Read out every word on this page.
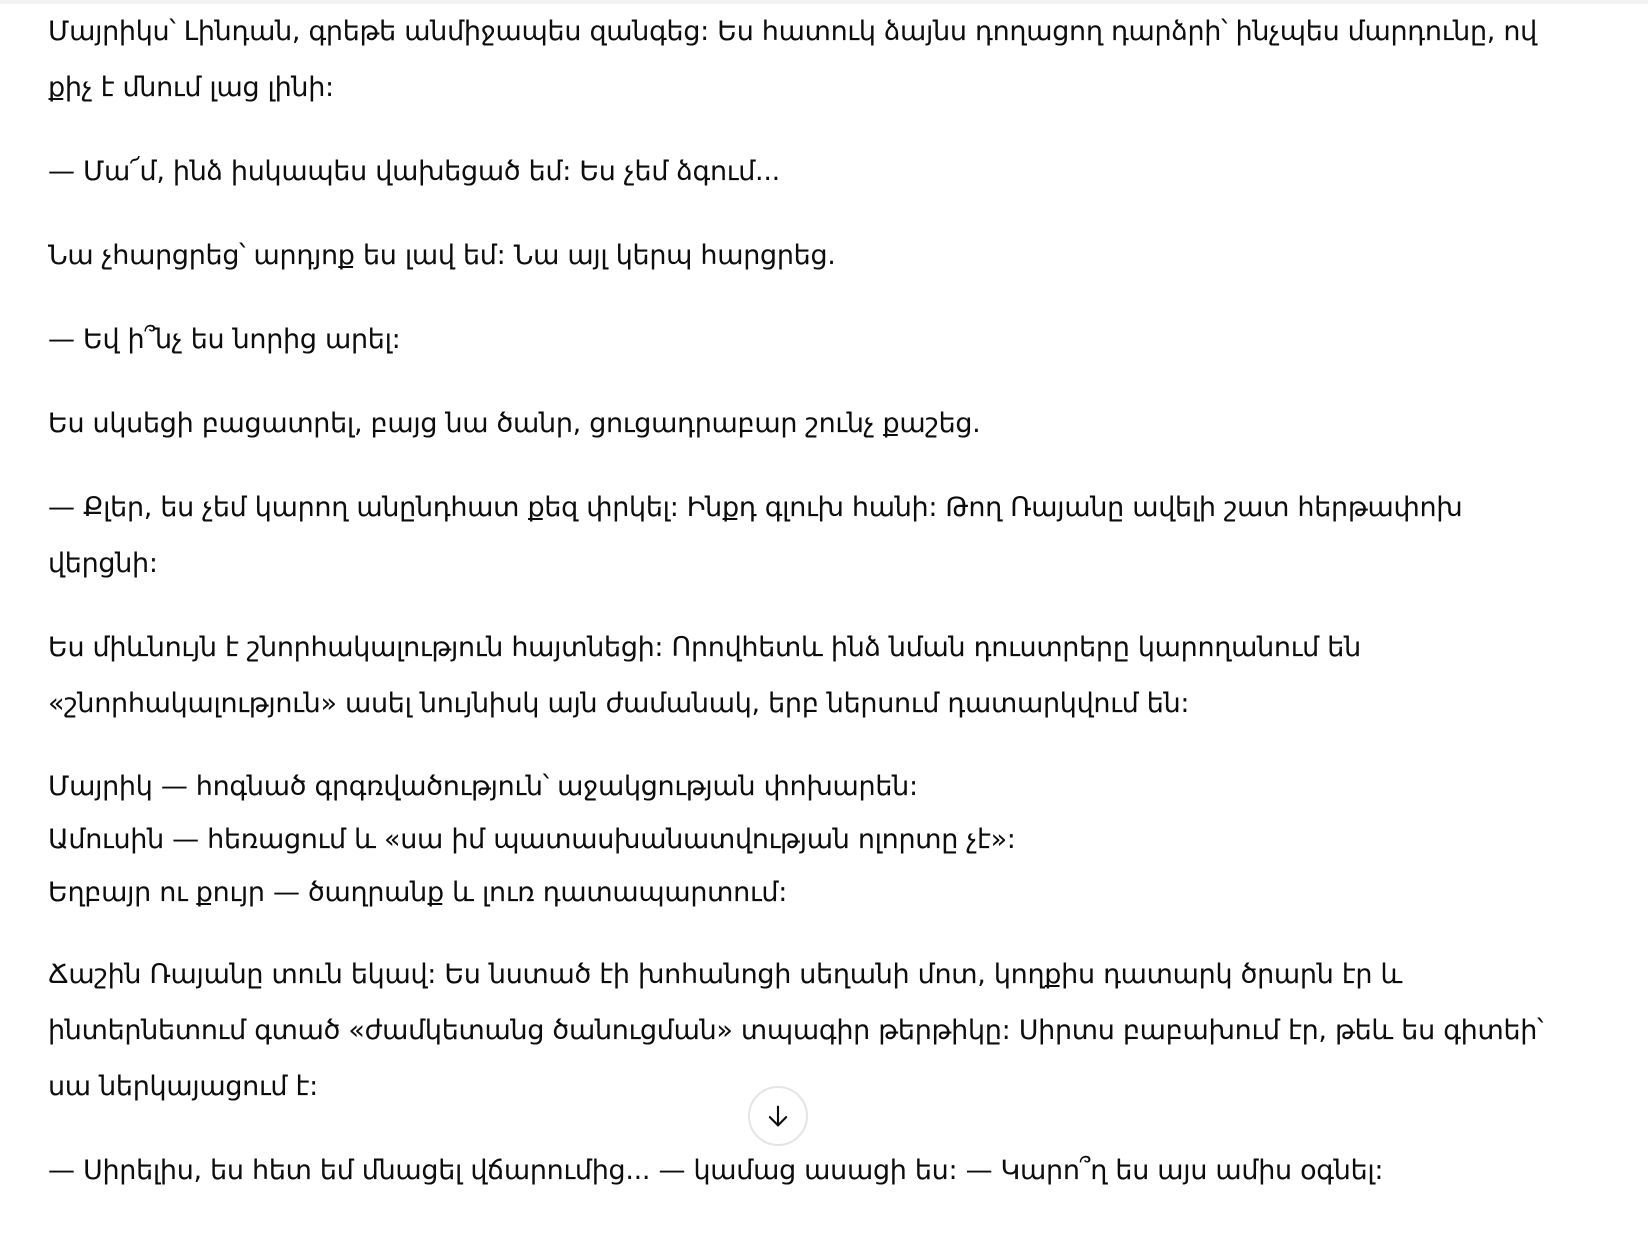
Մայրիկս՝ Լինդան, գրեթե անմիջապես զանգեց: Ես հատուկ ձայնս դողացող դարձրի՝ ինչպես մարդունը, ով քիչ է մնում լաց լինի:

— Մա՜մ, ինձ իսկապես վախեցած եմ: Ես չեմ ձգում...

Նա չհարցրեց՝ արդյոք ես լավ եմ: Նա այլ կերպ հարցրեց.

— Եվ ի՞նչ ես նորից արել:

Ես սկսեցի բացատրել, բայց նա ծանր, ցուցադրաբար շունչ քաշեց.

— Քլեր, ես չեմ կարող անընդհատ քեզ փրկել: Ինքդ գլուխ հանի: Թող Ռայանը ավելի շատ հերթափոխ վերցնի:

Ես միևնույն է շնորհակալություն հայտնեցի: Որովհետև ինձ նման դուստրերը կարողանում են «շնորհակալություն» ասել նույնիսկ այն ժամանակ, երբ ներսում դատարկվում են:

Մայրիկ — հոգնած գրգռվածություն՝ աջակցության փոխարեն:
Ամուսին — հեռացում և «սա իմ պատասխանատվության ոլորտը չէ»:
Եղբայր ու քույր — ծաղրանք և լուռ դատապարտում:

Ճաշին Ռայանը տուն եկավ: Ես նստած էի խոհանոցի սեղանի մոտ, կողքիս դատարկ ծրարն էր և ինտերնետում գտած «ժամկետանց ծանուցման» տպագիր թերթիկը: Սիրտս բաբախում էր, թեև ես գիտեի՝ սա ներկայացում է:

— Սիրելիս, ես հետ եմ մնացել վճարումից... — կամաց ասացի ես: — Կարո՞ղ ես այս ամիս օգնել:
